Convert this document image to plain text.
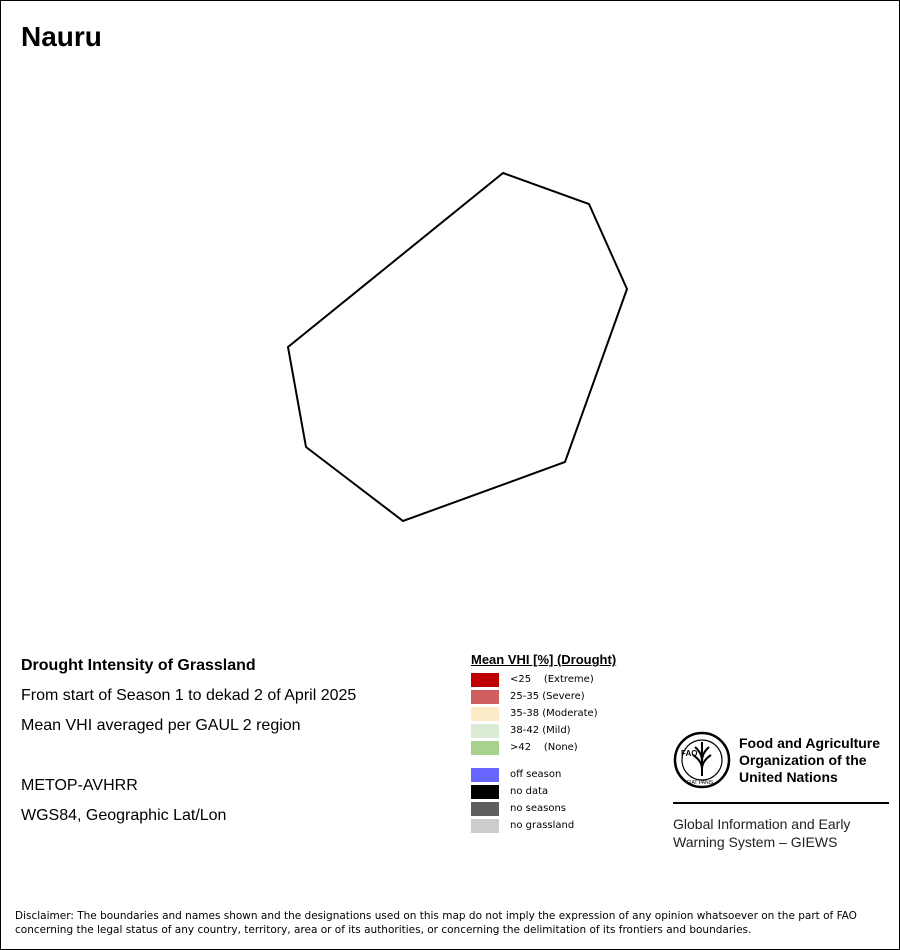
Nauru
Drought Intensity of Grassland
From start of Season 1 to dekad 2 of April 2025
Mean VHI averaged per GAUL 2 region
METOP-AVHRR
WGS84, Geographic Lat/Lon
Mean VHI [%] (Drought)
<25    (Extreme)
25-35 (Severe)
35-38 (Moderate)
38-42 (Mild)
>42    (None)
off season
no data
no seasons
no grassland
FAO
FIAT PANIS
Food and Agriculture Organization of the United Nations
Global Information and Early Warning System – GIEWS
Disclaimer: The boundaries and names shown and the designations used on this map do not imply the expression of any opinion whatsoever on the part of FAO concerning the legal status of any country, territory, area or of its authorities, or concerning the delimitation of its frontiers and boundaries.
